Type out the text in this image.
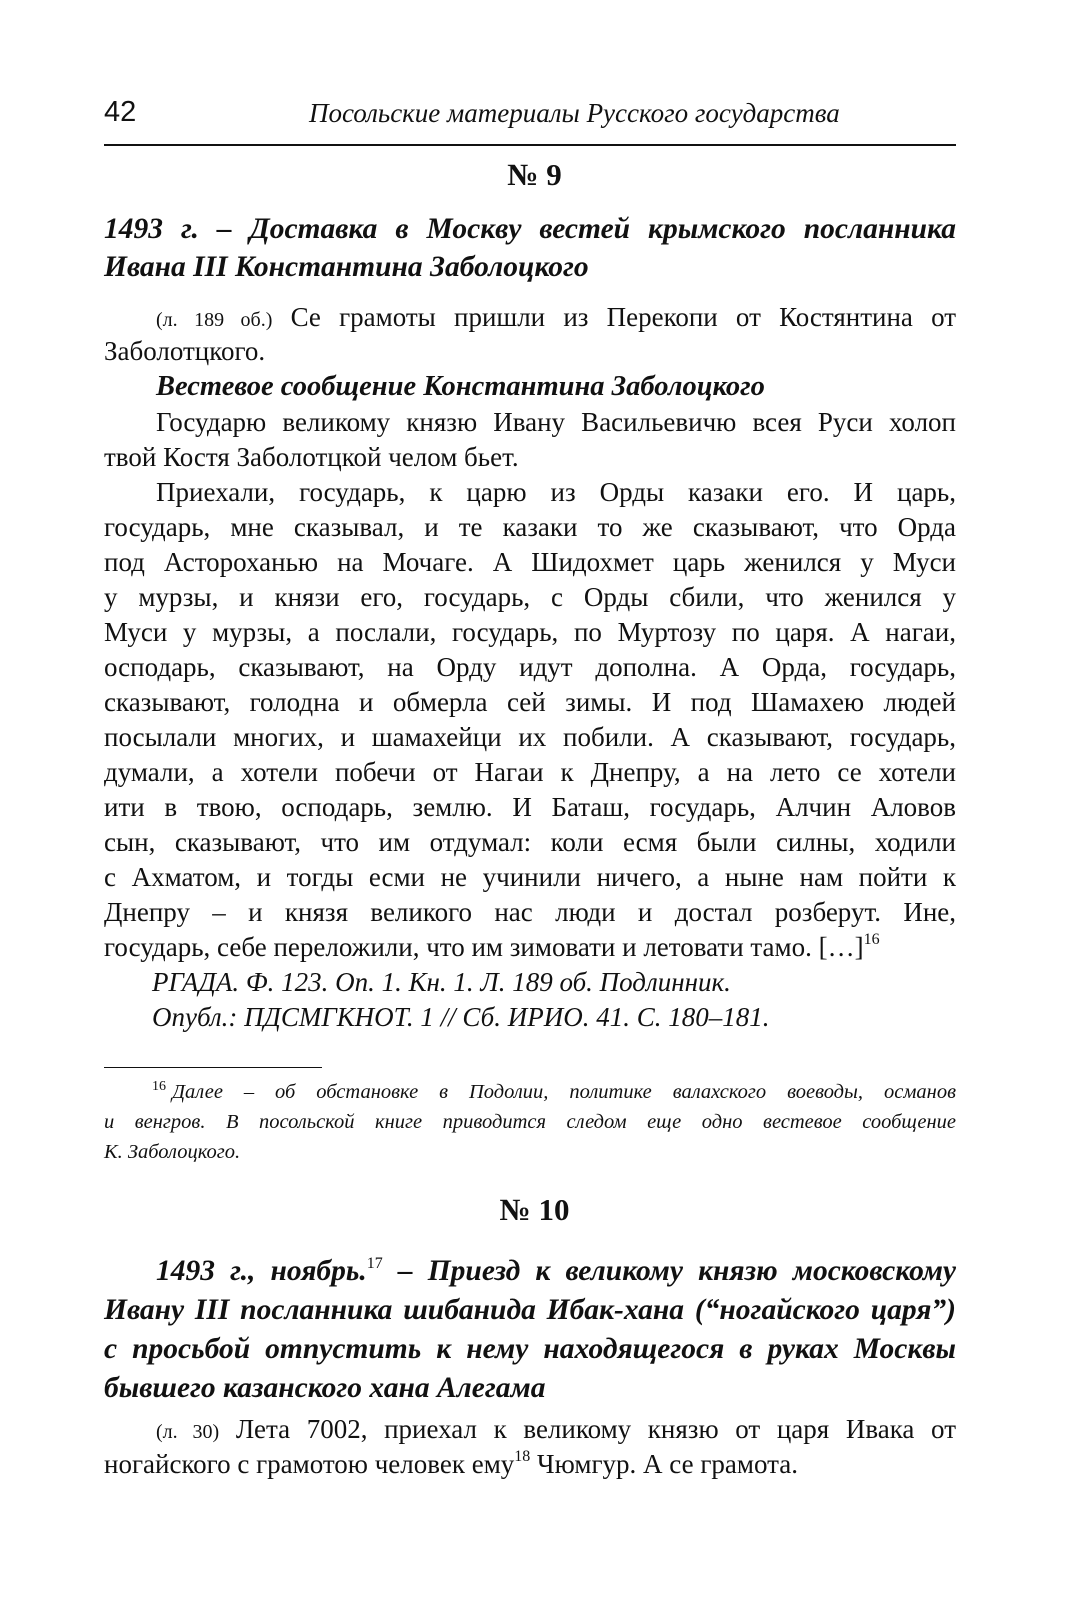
42	Посольские материалы Русского государства
№ 9
1493 г. – Доставка в Москву вестей крымского посланника
Ивана III Константина Заболоцкого

(л. 189 об.) Се грамоты пришли из Перекопи от Костянтина от

Заболотцкого.

Вестевое сообщение Константина Заболоцкого

Государю великому князю Ивану Васильевичю всея Руси холоп

твой Костя Заболотцкой челом бьет.

Приехали, государь, к царю из Орды казаки его. И царь,

государь, мне сказывал, и те казаки то же сказывают, что Орда

под Астороханью на Мочаге. А Шидохмет царь женился у Муси

у мурзы, и князи его, государь, с Орды сбили, что женился у

Муси у мурзы, а послали, государь, по Муртозу по царя. А нагаи,

осподарь, сказывают, на Орду идут дополна. А Орда, государь,

сказывают, голодна и обмерла сей зимы. И под Шамахею людей

посылали многих, и шамахейци их побили. А сказывают, государь,

думали, а хотели побечи от Нагаи к Днепру, а на лето се хотели

ити в твою, осподарь, землю. И Баташ, государь, Алчин Аловов

сын, сказывают, что им отдумал: коли есмя были силны, ходили

с Ахматом, и тогды есми не учинили ничего, а ныне нам пойти к

Днепру – и князя великого нас люди и достал розберут. Ине,

государь, себе переложили, что им зимовати и летовати тамо. […]$^{16}$

РГАДА. Ф. 123. Оп. 1. Кн. 1. Л. 189 об. Подлинник.
Опубл.: ПДСМГКНОТ. 1 // Сб. ИРИО. 41. С. 180–181.

$^{16}$ Далее – об обстановке в Подолии, политике валахского воеводы, османов

и венгров. В посольской книге приводится следом еще одно вестевое сообщение

К. Заболоцкого.

№ 10
1493 г., ноябрь.$^{17}$ – Приезд к великому князю московскому
Ивану III посланника шибанида Ибак-хана (“ногайского царя”)
с просьбой отпустить к нему находящегося в руках Москвы
бывшего казанского хана Алегама

(л. 30) Лета 7002, приехал к великому князю от царя Ивака от

ногайского с грамотою человек ему$^{18}$ Чюмгур. А се грамота.
